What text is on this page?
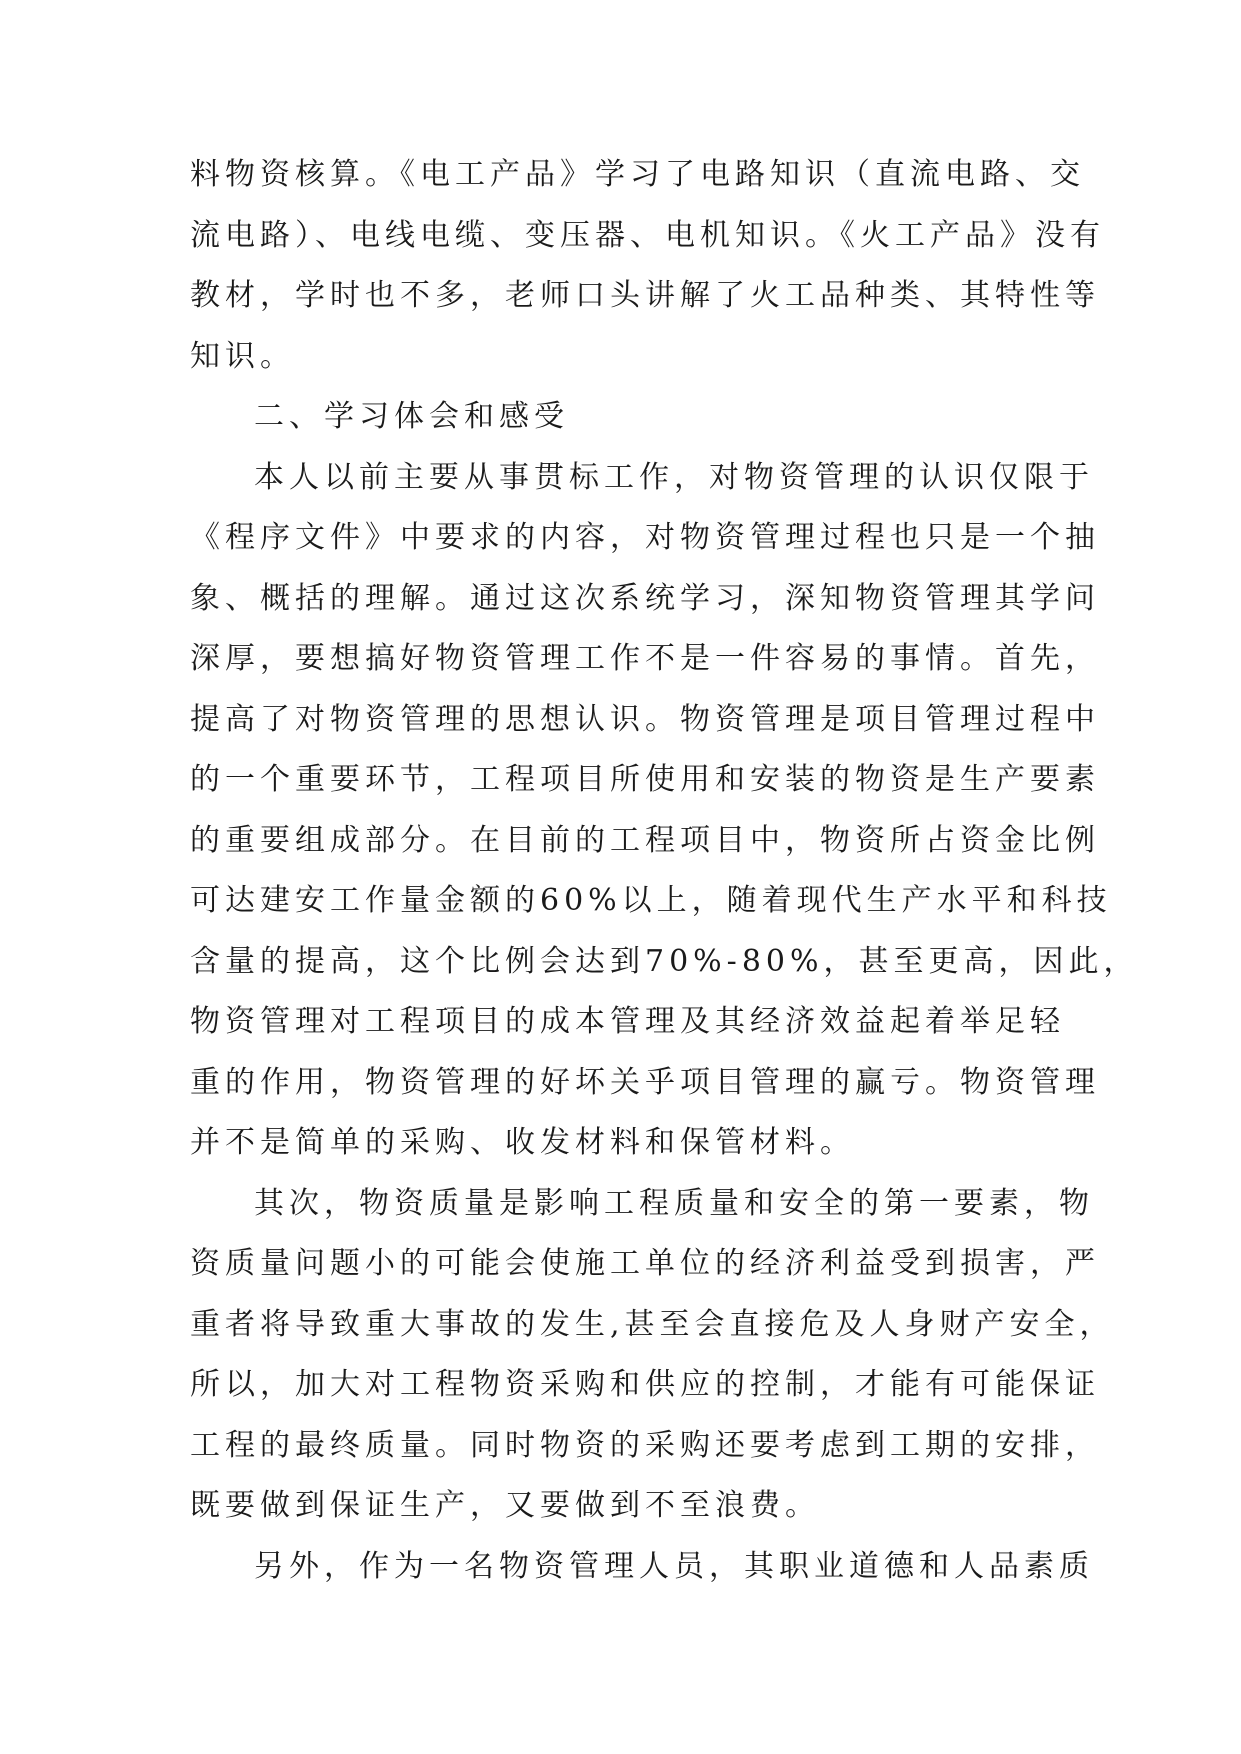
料物资核算。《电工产品》学习了电路知识（直流电路、交
流电路）、电线电缆、变压器、电机知识。《火工产品》没有
教材，学时也不多，老师口头讲解了火工品种类、其特性等
知识。
二、学习体会和感受
本人以前主要从事贯标工作，对物资管理的认识仅限于
《程序文件》中要求的内容，对物资管理过程也只是一个抽
象、概括的理解。通过这次系统学习，深知物资管理其学问
深厚，要想搞好物资管理工作不是一件容易的事情。首先，
提高了对物资管理的思想认识。物资管理是项目管理过程中
的一个重要环节，工程项目所使用和安装的物资是生产要素
的重要组成部分。在目前的工程项目中，物资所占资金比例
可达建安工作量金额的60%以上，随着现代生产水平和科技
含量的提高，这个比例会达到70%-80%，甚至更高，因此，
物资管理对工程项目的成本管理及其经济效益起着举足轻
重的作用，物资管理的好坏关乎项目管理的赢亏。物资管理
并不是简单的采购、收发材料和保管材料。
其次，物资质量是影响工程质量和安全的第一要素，物
资质量问题小的可能会使施工单位的经济利益受到损害，严
重者将导致重大事故的发生,甚至会直接危及人身财产安全，
所以，加大对工程物资采购和供应的控制，才能有可能保证
工程的最终质量。同时物资的采购还要考虑到工期的安排，
既要做到保证生产，又要做到不至浪费。
另外，作为一名物资管理人员，其职业道德和人品素质
